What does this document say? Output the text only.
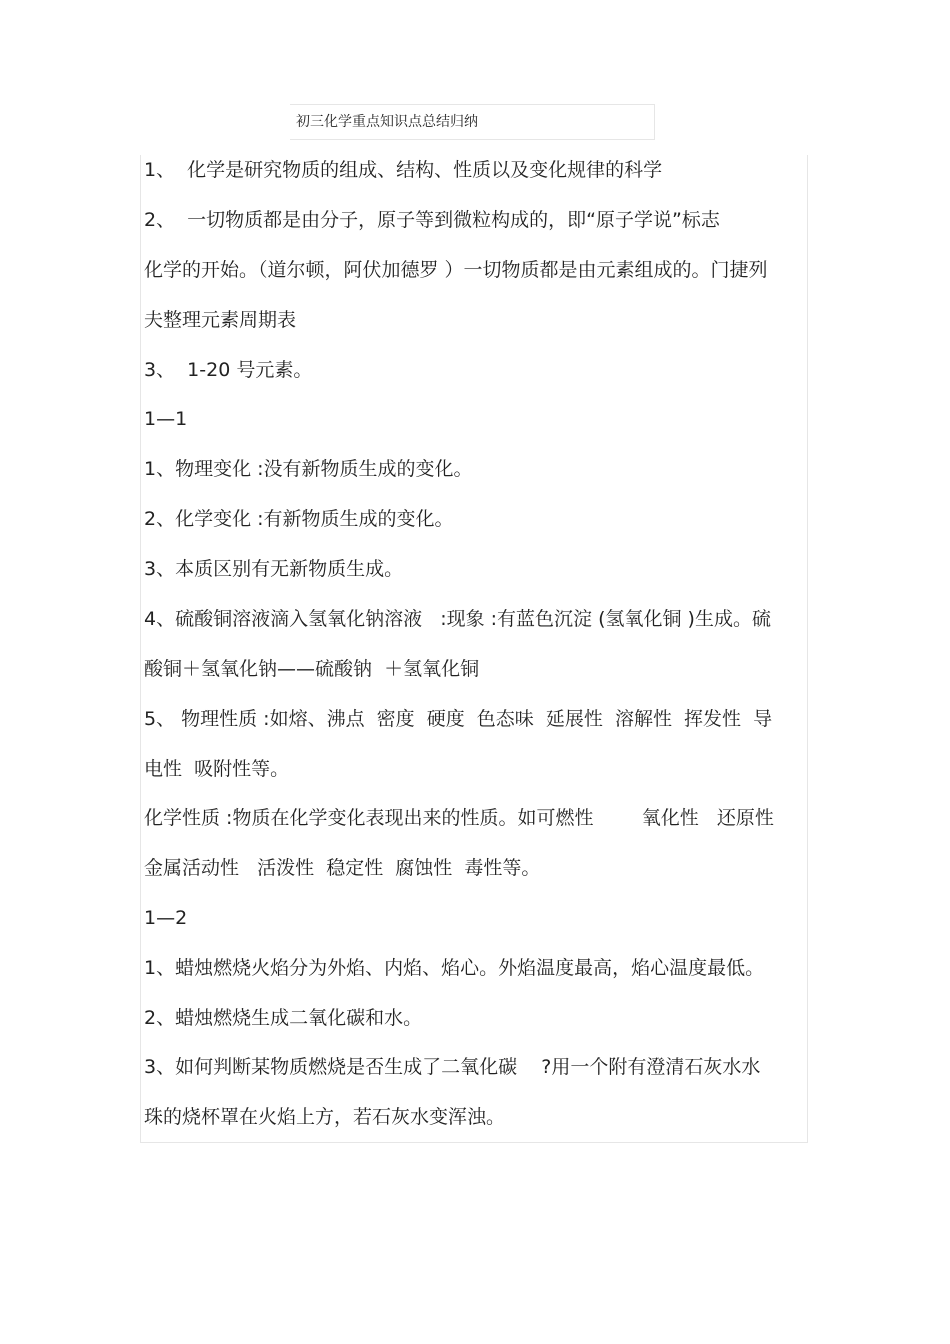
初三化学重点知识点总结归纳
1、  化学是研究物质的组成、结构、性质以及变化规律的科学
2、  一切物质都是由分子，原子等到微粒构成的，即“原子学说”标志
化学的开始。（道尔顿，阿伏加德罗 ）一切物质都是由元素组成的。门捷列
夫整理元素周期表
3、  1-20 号元素。
1—1
1、物理变化 :没有新物质生成的变化。
2、化学变化 :有新物质生成的变化。
3、本质区别有无新物质生成。
4、硫酸铜溶液滴入氢氧化钠溶液   :现象 :有蓝色沉淀 (氢氧化铜 )生成。硫
酸铜＋氢氧化钠——硫酸钠  ＋氢氧化铜
5、 物理性质 :如熔、沸点  密度  硬度  色态味  延展性  溶解性  挥发性  导
电性  吸附性等。
化学性质 :物质在化学变化表现出来的性质。如可燃性        氧化性   还原性
金属活动性   活泼性  稳定性  腐蚀性  毒性等。
1—2
1、蜡烛燃烧火焰分为外焰、内焰、焰心。外焰温度最高，焰心温度最低。
2、蜡烛燃烧生成二氧化碳和水。
3、如何判断某物质燃烧是否生成了二氧化碳    ?用一个附有澄清石灰水水
珠的烧杯罩在火焰上方，若石灰水变浑浊。
